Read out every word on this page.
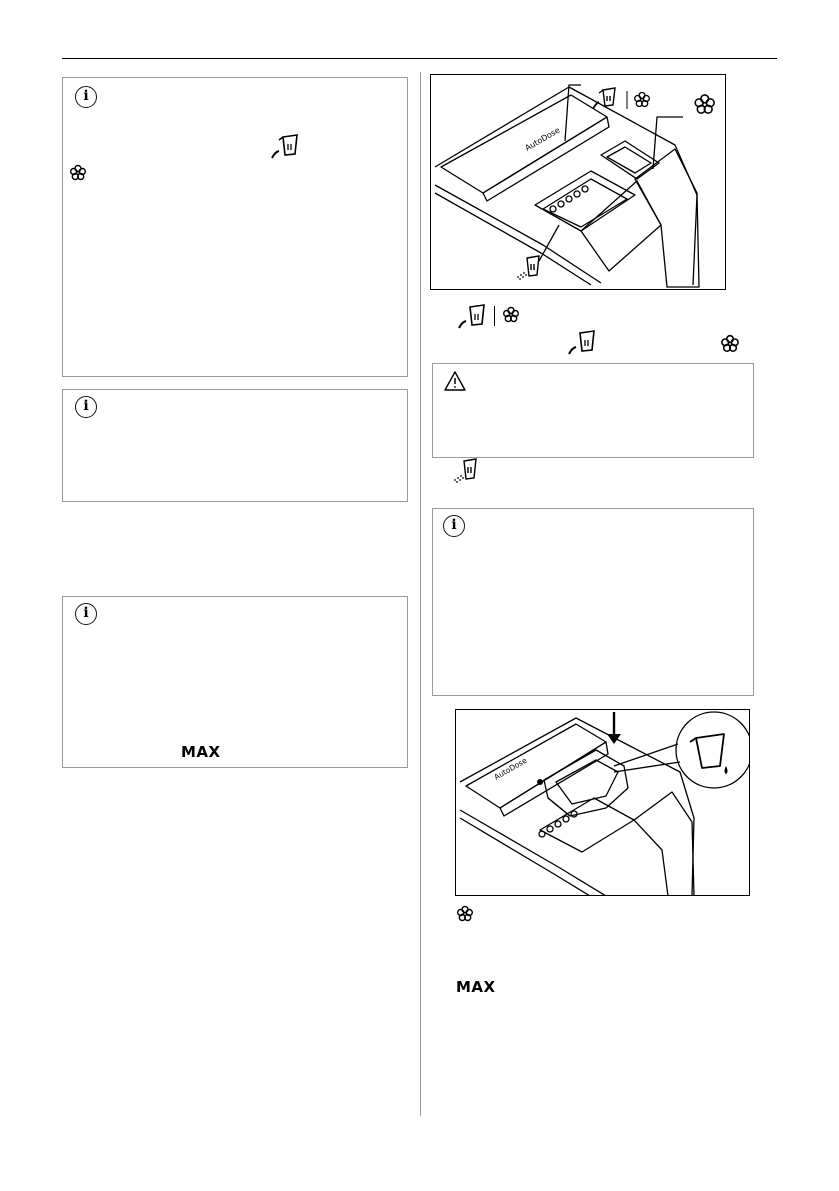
i
i
i
MAX
AutoDose
i
AutoDose
MAX
